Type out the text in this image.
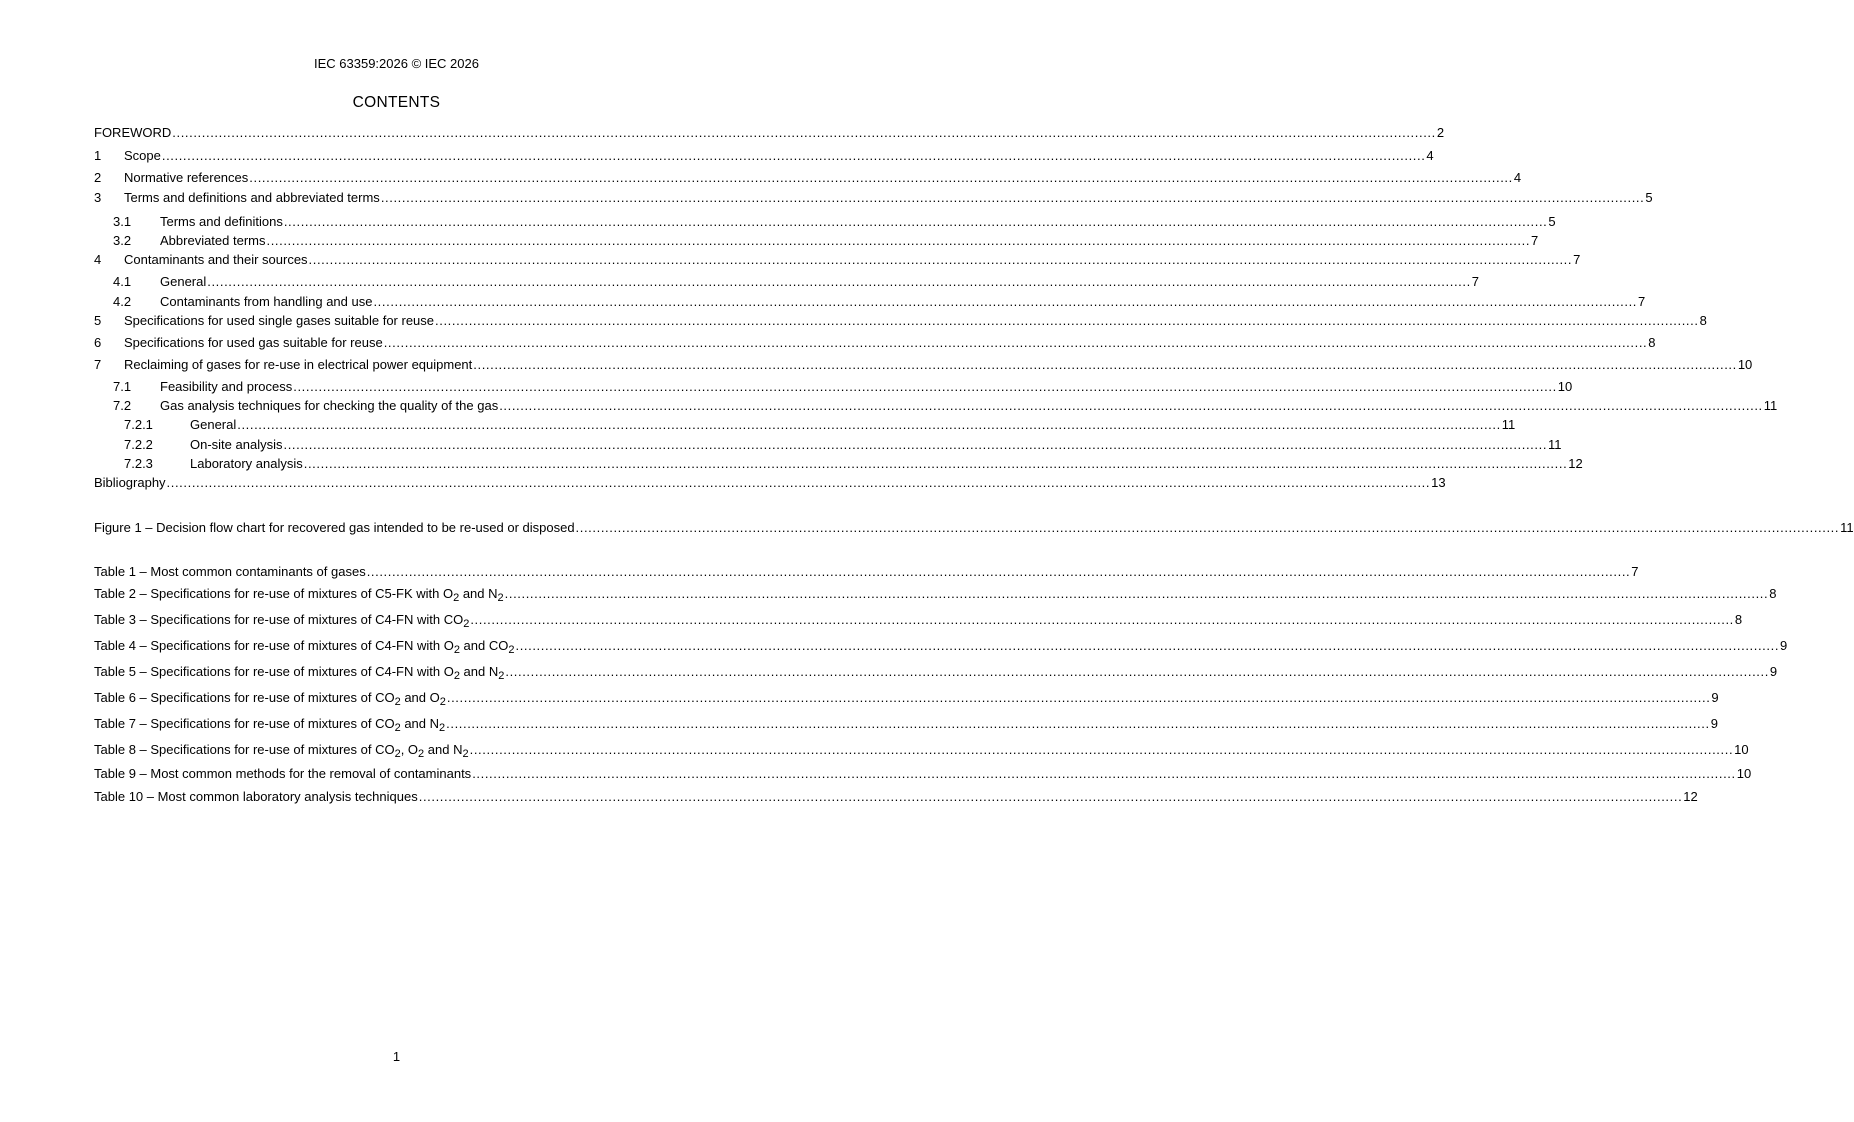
IEC 63359:2026 © IEC 2026
CONTENTS
FOREWORD ............................................................................................................................................................................................................................................................................................................ 2
1	Scope ............................................................................................................................................................................................................................................................................................................ 4
2	Normative references ............................................................................................................................................................................................................................................................................................................ 4
3	Terms and definitions and abbreviated terms ............................................................................................................................................................................................................................................................................................................ 5
3.1	Terms and definitions ............................................................................................................................................................................................................................................................................................................ 5
3.2	Abbreviated terms ............................................................................................................................................................................................................................................................................................................ 7
4	Contaminants and their sources ............................................................................................................................................................................................................................................................................................................ 7
4.1	General ............................................................................................................................................................................................................................................................................................................ 7
4.2	Contaminants from handling and use ............................................................................................................................................................................................................................................................................................................ 7
5	Specifications for used single gases suitable for reuse ............................................................................................................................................................................................................................................................................................................ 8
6	Specifications for used gas suitable for reuse ............................................................................................................................................................................................................................................................................................................ 8
7	Reclaiming of gases for re-use in electrical power equipment ............................................................................................................................................................................................................................................................................................................ 10
7.1	Feasibility and process ............................................................................................................................................................................................................................................................................................................ 10
7.2	Gas analysis techniques for checking the quality of the gas ............................................................................................................................................................................................................................................................................................................ 11
7.2.1	General ............................................................................................................................................................................................................................................................................................................ 11
7.2.2	On-site analysis ............................................................................................................................................................................................................................................................................................................ 11
7.2.3	Laboratory analysis ............................................................................................................................................................................................................................................................................................................ 12
Bibliography ............................................................................................................................................................................................................................................................................................................ 13
Figure 1 – Decision flow chart for recovered gas intended to be re-used or disposed ............................................................................................................................................................................................................................................................................................................ 11
Table 1 – Most common contaminants of gases ............................................................................................................................................................................................................................................................................................................ 7
Table 2 – Specifications for re-use of mixtures of C5-FK with $O_2$ and $N_2$ ............................................................................................................................................................................................................................................................................................................ 8
Table 3 – Specifications for re-use of mixtures of C4-FN with $CO_2$ ............................................................................................................................................................................................................................................................................................................ 8
Table 4 – Specifications for re-use of mixtures of C4-FN with $O_2$ and $CO_2$ ............................................................................................................................................................................................................................................................................................................ 9
Table 5 – Specifications for re-use of mixtures of C4-FN with $O_2$ and $N_2$ ............................................................................................................................................................................................................................................................................................................ 9
Table 6 – Specifications for re-use of mixtures of $CO_2$ and $O_2$ ............................................................................................................................................................................................................................................................................................................ 9
Table 7 – Specifications for re-use of mixtures of $CO_2$ and $N_2$ ............................................................................................................................................................................................................................................................................................................ 9
Table 8 – Specifications for re-use of mixtures of $CO_2$, $O_2$ and $N_2$ ............................................................................................................................................................................................................................................................................................................ 10
Table 9 – Most common methods for the removal of contaminants ............................................................................................................................................................................................................................................................................................................ 10
Table 10 – Most common laboratory analysis techniques ............................................................................................................................................................................................................................................................................................................ 12
1
